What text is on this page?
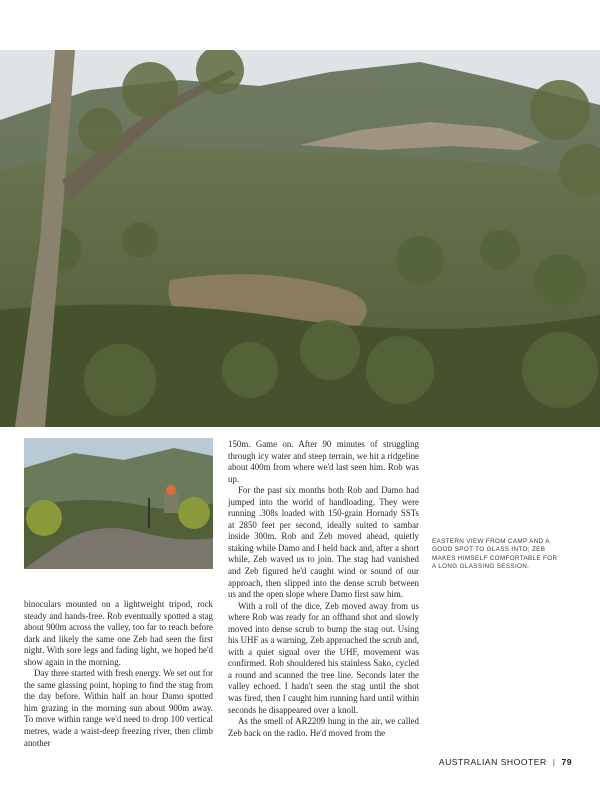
binoculars mounted on a lightweight tripod, rock steady and hands-free. Rob eventually spotted a stag about 900m across the valley, too far to reach before dark and likely the same one Zeb had seen the first night. With sore legs and fading light, we hoped he'd show again in the morning.

Day three started with fresh energy. We set out for the same glassing point, hoping to find the stag from the day before. Within half an hour Damo spotted him grazing in the morning sun about 900m away. To move within range we'd need to drop 100 vertical metres, wade a waist-deep freezing river, then climb another

150m. Game on. After 90 minutes of struggling through icy water and steep terrain, we hit a ridgeline about 400m from where we'd last seen him. Rob was up.

For the past six months both Rob and Damo had jumped into the world of handloading. They were running .308s loaded with 150-grain Hornady SSTs at 2850 feet per second, ideally suited to sambar inside 300m. Rob and Zeb moved ahead, quietly staking while Damo and I held back and, after a short while, Zeb waved us to join. The stag had vanished and Zeb figured he'd caught wind or sound of our approach, then slipped into the dense scrub between us and the open slope where Damo first saw him.

With a roll of the dice, Zeb moved away from us where Rob was ready for an offhand shot and slowly moved into dense scrub to bump the stag out. Using his UHF as a warning, Zeb approached the scrub and, with a quiet signal over the UHF, movement was confirmed. Rob shouldered his stainless Sako, cycled a round and scanned the tree line. Seconds later the valley echoed. I hadn't seen the stag until the shot was fired, then I caught him running hard until within seconds he disappeared over a knoll.

As the smell of AR2209 hung in the air, we called Zeb back on the radio. He'd moved from the

EASTERN VIEW FROM CAMP AND A GOOD SPOT TO GLASS INTO; ZEB MAKES HIMSELF COMFORTABLE FOR A LONG GLASSING SESSION.
AUSTRALIAN SHOOTER | 79
